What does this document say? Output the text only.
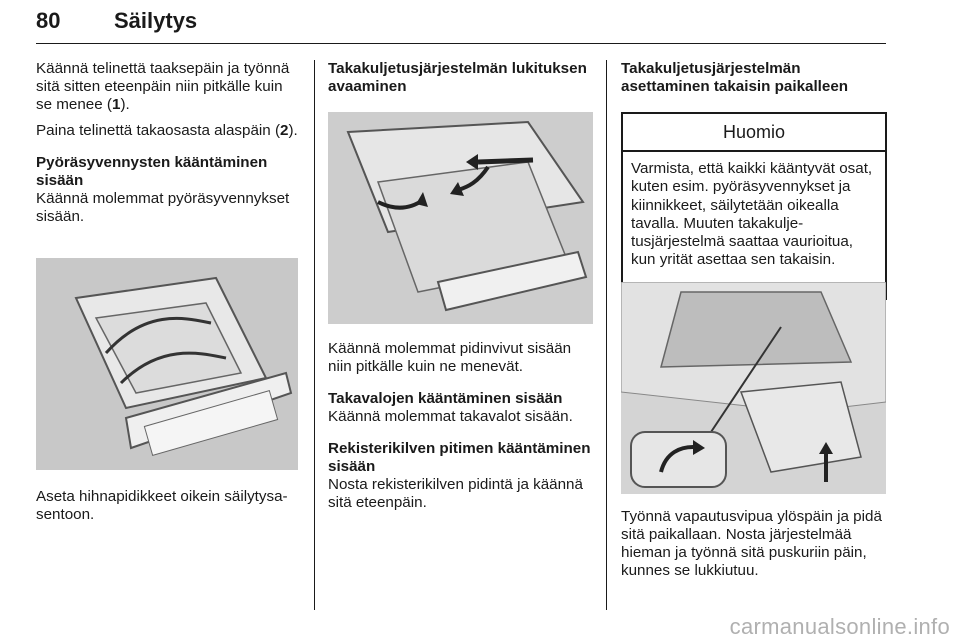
80 Säilytys

Käännä telinettä taaksepäin ja työnnä sitä sitten eteenpäin niin pitkälle kuin se menee (1).

Paina telinettä takaosasta alaspäin (2).

Pyöräsyvennysten kääntäminen sisään

Käännä molemmat pyöräsyvennykset sisään.

Aseta hihnapidikkeet oikein säilytysasentoon.

Takakuljetusjärjestelmän lukituksen avaaminen

Käännä molemmat pidinvivut sisään niin pitkälle kuin ne menevät.

Takavalojen kääntäminen sisään

Käännä molemmat takavalot sisään.

Rekisterikilven pitimen kääntäminen sisään

Nosta rekisterikilven pidintä ja käännä sitä eteenpäin.

Takakuljetusjärjestelmän asettaminen takaisin paikalleen
Huomio
Varmista, että kaikki kääntyvät osat, kuten esim. pyöräsyvennykset ja kiinnikkeet, säilytetään oikealla tavalla. Muuten takakuljetusjärjestelmä saattaa vaurioitua, kun yrität asettaa sen takaisin.

Työnnä vapautusvipua ylöspäin ja pidä sitä paikallaan. Nosta järjestelmää hieman ja työnnä sitä puskuriin päin, kunnes se lukkiutuu.

carmanualsonline.info
